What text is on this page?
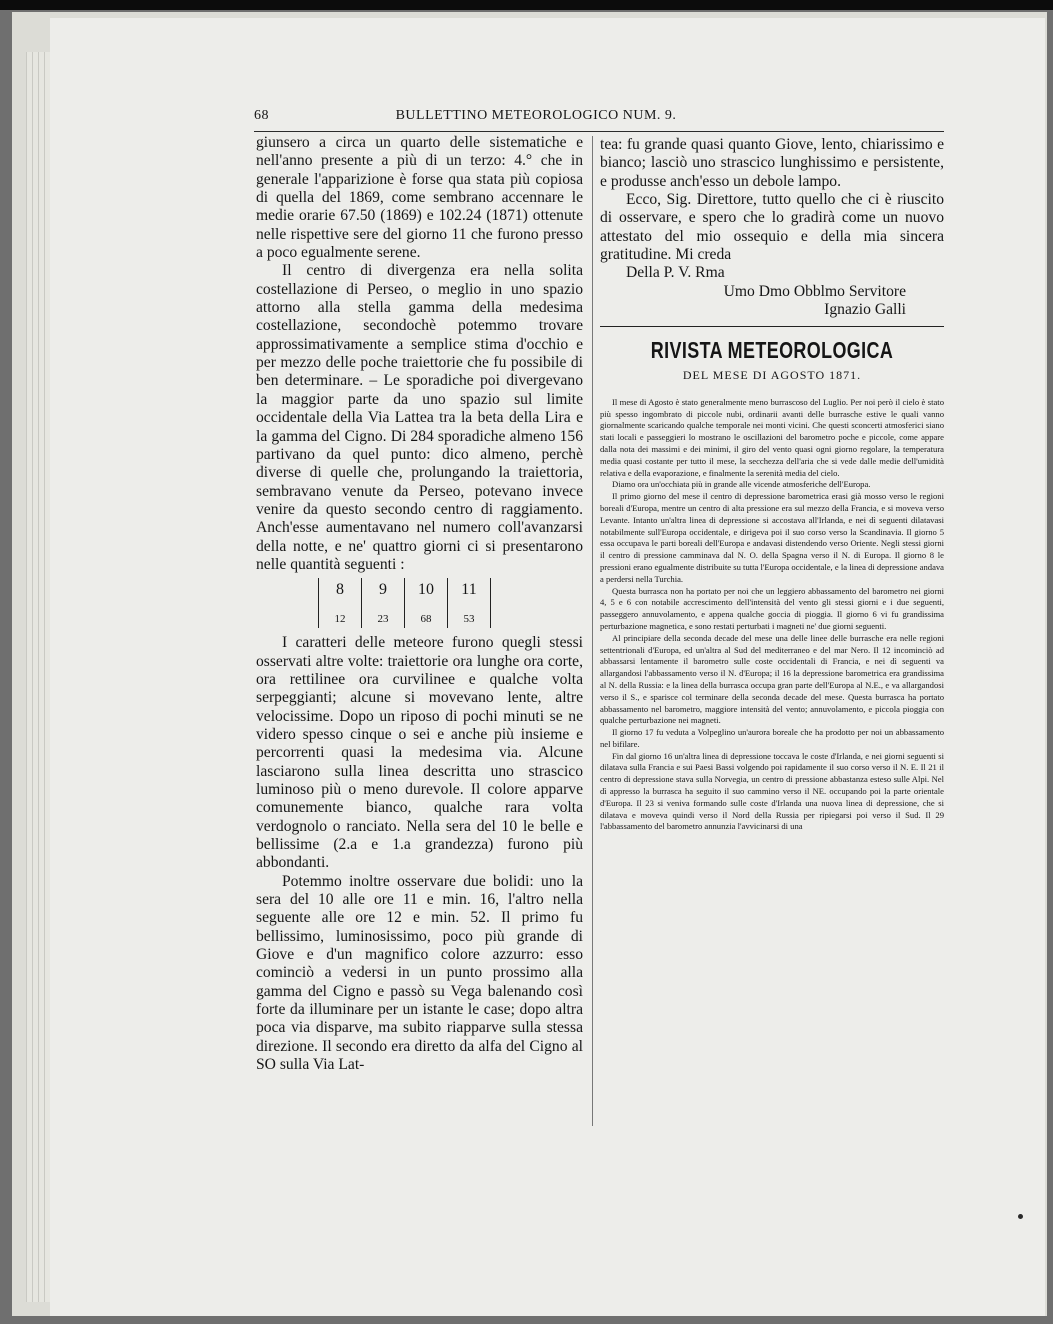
68	BULLETTINO METEOROLOGICO NUM. 9.

giunsero a circa un quarto delle sistematiche e nell'anno presente a più di un terzo: 4.° che in generale l'apparizione è forse qua stata più copiosa di quella del 1869, come sembrano accennare le medie orarie 67.50 (1869) e 102.24 (1871) ottenute nelle rispettive sere del giorno 11 che furono presso a poco egualmente serene.

Il centro di divergenza era nella solita costellazione di Perseo, o meglio in uno spazio attorno alla stella gamma della medesima costellazione, secondochè potemmo trovare approssimativamente a semplice stima d'occhio e per mezzo delle poche traiettorie che fu possibile di ben determinare. – Le sporadiche poi divergevano la maggior parte da uno spazio sul limite occidentale della Via Lattea tra la beta della Lira e la gamma del Cigno. Di 284 sporadiche almeno 156 partivano da quel punto: dico almeno, perchè diverse di quelle che, prolungando la traiettoria, sembravano venute da Perseo, potevano invece venire da questo secondo centro di raggiamento. Anch'esse aumentavano nel numero coll'avanzarsi della notte, e ne' quattro giorni ci si presentarono nelle quantità seguenti :

8	9	10	11	
12	23	68	53	

I caratteri delle meteore furono quegli stessi osservati altre volte: traiettorie ora lunghe ora corte, ora rettilinee ora curvilinee e qualche volta serpeggianti; alcune si movevano lente, altre velocissime. Dopo un riposo di pochi minuti se ne videro spesso cinque o sei e anche più insieme e percorrenti quasi la medesima via. Alcune lasciarono sulla linea descritta uno strascico luminoso più o meno durevole. Il colore apparve comunemente bianco, qualche rara volta verdognolo o ranciato. Nella sera del 10 le belle e bellissime (2.a e 1.a grandezza) furono più abbondanti.

Potemmo inoltre osservare due bolidi: uno la sera del 10 alle ore 11 e min. 16, l'altro nella seguente alle ore 12 e min. 52. Il primo fu bellissimo, luminosissimo, poco più grande di Giove e d'un magnifico colore azzurro: esso cominciò a vedersi in un punto prossimo alla gamma del Cigno e passò su Vega balenando così forte da illuminare per un istante le case; dopo altra poca via disparve, ma subito riapparve sulla stessa direzione. Il secondo era diretto da alfa del Cigno al SO sulla Via Lat-

tea: fu grande quasi quanto Giove, lento, chiarissimo e bianco; lasciò uno strascico lunghissimo e persistente, e produsse anch'esso un debole lampo.

Ecco, Sig. Direttore, tutto quello che ci è riuscito di osservare, e spero che lo gradirà come un nuovo attestato del mio ossequio e della mia sincera gratitudine. Mi creda

Della P. V. Rma

Umo Dmo Obblmo Servitore

Ignazio Galli

RIVISTA METEOROLOGICA
DEL MESE DI AGOSTO 1871.

Il mese di Agosto è stato generalmente meno burrascoso del Luglio. Per noi però il cielo è stato più spesso ingombrato di piccole nubi, ordinarii avanti delle burrasche estive le quali vanno giornalmente scaricando qualche temporale nei monti vicini. Che questi sconcerti atmosferici siano stati locali e passeggieri lo mostrano le oscillazioni del barometro poche e piccole, come appare dalla nota dei massimi e dei minimi, il giro del vento quasi ogni giorno regolare, la temperatura media quasi costante per tutto il mese, la secchezza dell'aria che si vede dalle medie dell'umidità relativa e della evaporazione, e finalmente la serenità media del cielo.

Diamo ora un'occhiata più in grande alle vicende atmosferiche dell'Europa.

Il primo giorno del mese il centro di depressione barometrica erasi già mosso verso le regioni boreali d'Europa, mentre un centro di alta pressione era sul mezzo della Francia, e si moveva verso Levante. Intanto un'altra linea di depressione si accostava all'Irlanda, e nei dì seguenti dilatavasi notabilmente sull'Europa occidentale, e dirigeva poi il suo corso verso la Scandinavia. Il giorno 5 essa occupava le parti boreali dell'Europa e andavasi distendendo verso Oriente. Negli stessi giorni il centro di pressione camminava dal N. O. della Spagna verso il N. di Europa. Il giorno 8 le pressioni erano egualmente distribuite su tutta l'Europa occidentale, e la linea di depressione andava a perdersi nella Turchia.

Questa burrasca non ha portato per noi che un leggiero abbassamento del barometro nei giorni 4, 5 e 6 con notabile accrescimento dell'intensità del vento gli stessi giorni e i due seguenti, passeggero annuvolamento, e appena qualche goccia di pioggia. Il giorno 6 vi fu grandissima perturbazione magnetica, e sono restati perturbati i magneti ne' due giorni seguenti.

Al principiare della seconda decade del mese una delle linee delle burrasche era nelle regioni settentrionali d'Europa, ed un'altra al Sud del mediterraneo e del mar Nero. Il 12 incominciò ad abbassarsi lentamente il barometro sulle coste occidentali di Francia, e nei dì seguenti va allargandosi l'abbassamento verso il N. d'Europa; il 16 la depressione barometrica era grandissima al N. della Russia: e la linea della burrasca occupa gran parte dell'Europa al N.E., e va allargandosi verso il S., e sparisce col terminare della seconda decade del mese. Questa burrasca ha portato abbassamento nel barometro, maggiore intensità del vento; annuvolamento, e piccola pioggia con qualche perturbazione nei magneti.

Il giorno 17 fu veduta a Volpeglino un'aurora boreale che ha prodotto per noi un abbassamento nel bifilare.

Fin dal giorno 16 un'altra linea di depressione toccava le coste d'Irlanda, e nei giorni seguenti si dilatava sulla Francia e sui Paesi Bassi volgendo poi rapidamente il suo corso verso il N. E. Il 21 il centro di depressione stava sulla Norvegia, un centro di pressione abbastanza esteso sulle Alpi. Nel dì appresso la burrasca ha seguito il suo cammino verso il NE. occupando poi la parte orientale d'Europa. Il 23 si veniva formando sulle coste d'Irlanda una nuova linea di depressione, che si dilatava e moveva quindi verso il Nord della Russia per ripiegarsi poi verso il Sud. Il 29 l'abbassamento del barometro annunzia l'avvicinarsi di una
